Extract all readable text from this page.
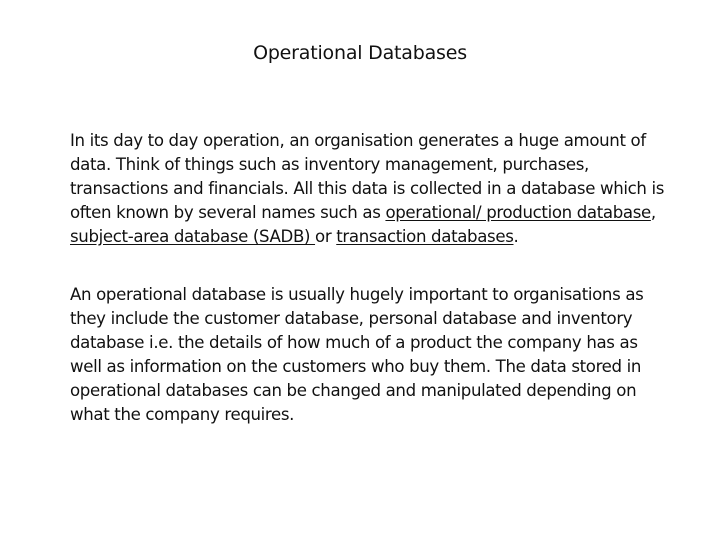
Operational Databases

In its day to day operation, an organisation generates a huge amount of
data. Think of things such as inventory management, purchases,
transactions and financials. All this data is collected in a database which is
often known by several names such as operational/ production database,
subject-area database (SADB) or transaction databases.

An operational database is usually hugely important to organisations as
they include the customer database, personal database and inventory
database i.e. the details of how much of a product the company has as
well as information on the customers who buy them. The data stored in
operational databases can be changed and manipulated depending on
what the company requires.
